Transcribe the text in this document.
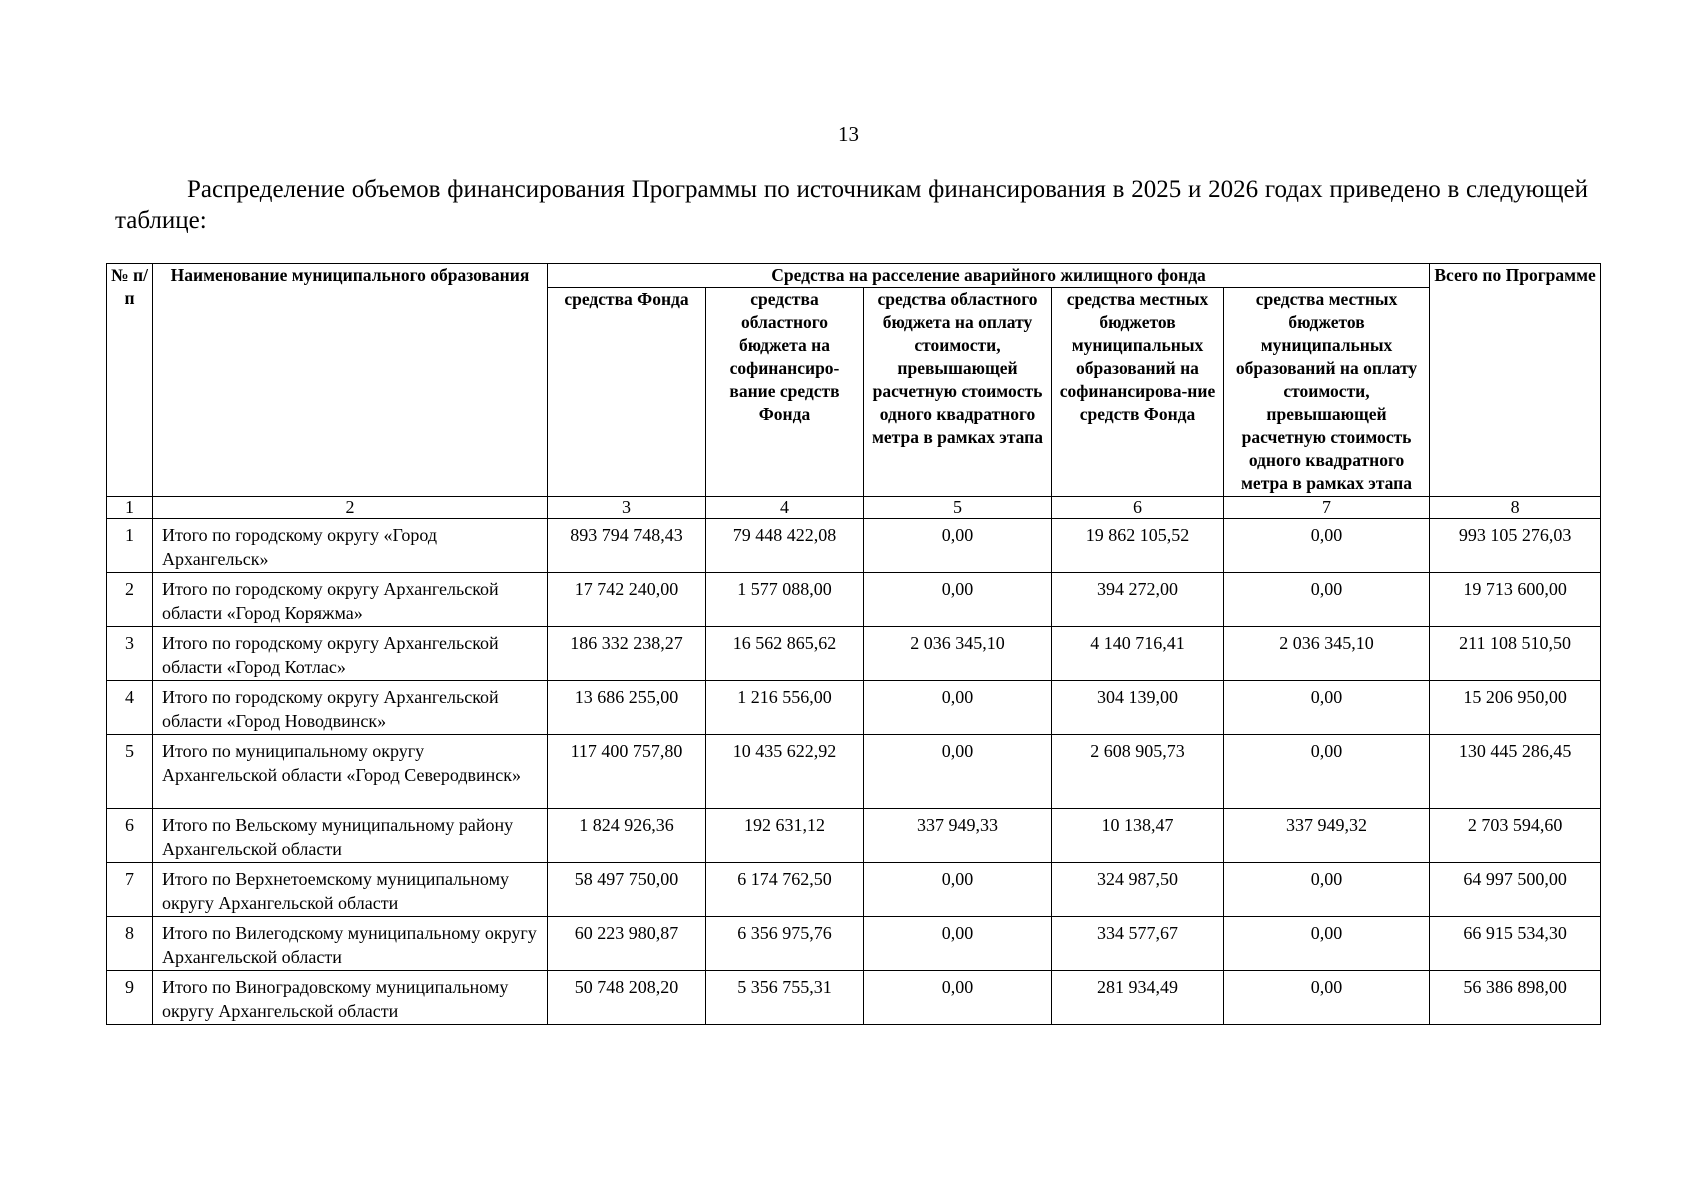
13
Распределение объемов финансирования Программы по источникам финансирования в 2025 и 2026 годах приведено в следующей таблице:
№ п/п	Наименование муниципального образования	Средства на расселение аварийного жилищного фонда					Всего по Программе
		средства Фонда	средства областного бюджета на софинансиро-вание средств Фонда	средства областного бюджета на оплату стоимости, превышающей расчетную стоимость одного квадратного метра в рамках этапа	средства местных бюджетов муниципальных образований на софинансирова-ние средств Фонда	средства местных бюджетов муниципальных образований на оплату стоимости, превышающей расчетную стоимость одного квадратного метра в рамках этапа	
1	2	3	4	5	6	7	8
1	Итого по городскому округу «Город Архангельск»	893 794 748,43	79 448 422,08	0,00	19 862 105,52	0,00	993 105 276,03
2	Итого по городскому округу Архангельской области «Город Коряжма»	17 742 240,00	1 577 088,00	0,00	394 272,00	0,00	19 713 600,00
3	Итого по городскому округу Архангельской области «Город Котлас»	186 332 238,27	16 562 865,62	2 036 345,10	4 140 716,41	2 036 345,10	211 108 510,50
4	Итого по городскому округу Архангельской области «Город Новодвинск»	13 686 255,00	1 216 556,00	0,00	304 139,00	0,00	15 206 950,00
5	Итого по муниципальному округу Архангельской области «Город Северодвинск»	117 400 757,80	10 435 622,92	0,00	2 608 905,73	0,00	130 445 286,45
6	Итого по Вельскому муниципальному району Архангельской области	1 824 926,36	192 631,12	337 949,33	10 138,47	337 949,32	2 703 594,60
7	Итого по Верхнетоемскому муниципальному округу Архангельской области	58 497 750,00	6 174 762,50	0,00	324 987,50	0,00	64 997 500,00
8	Итого по Вилегодскому муниципальному округу Архангельской области	60 223 980,87	6 356 975,76	0,00	334 577,67	0,00	66 915 534,30
9	Итого по Виноградовскому муниципальному округу Архангельской области	50 748 208,20	5 356 755,31	0,00	281 934,49	0,00	56 386 898,00
